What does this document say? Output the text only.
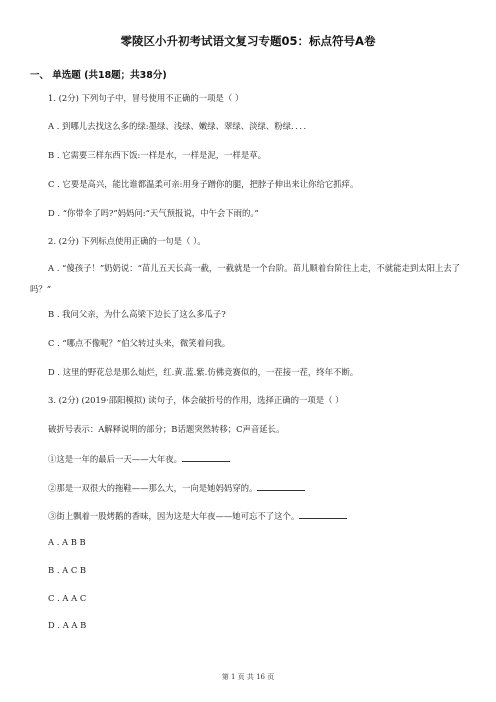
零陵区小升初考试语文复习专题05：标点符号A卷
一、 单选题 (共18题；共38分)
1. (2分) 下列句子中，冒号使用不正确的一项是（ ）
A . 到哪儿去找这么多的绿:墨绿、浅绿、嫩绿、翠绿、淡绿、粉绿．．．．
B . 它需要三样东西下饭:一样是水，一样是泥，一样是草。
C . 它要是高兴，能比谁都温柔可亲:用身子蹭你的腿，把脖子伸出来让你给它抓痒。
D . “你带伞了吗?”妈妈问:“天气预报说，中午会下雨的。”
2. (2分) 下列标点使用正确的一句是（ ）。
A . “傻孩子！”奶奶说：“苗儿五天长高一截，一截就是一个台阶。苗儿顺着台阶往上走，不就能走到太阳上去了吗？”
B . 我问父亲，为什么高梁下边长了这么多瓜子?
C . “哪点不像呢？”伯父转过头来，微笑着问我。
D . 这里的野花总是那么灿烂，红.黄.蓝.紫.仿佛竞赛似的，一茬接一茬，终年不断。
3. (2分) (2019·邵阳模拟) 读句子，体会破折号的作用，选择正确的一项是（ ）
破折号表示：A解释说明的部分；B话题突然转移；C声音延长。
①这是一年的最后一天——大年夜。
②那是一双很大的拖鞋——那么大，一向是她妈妈穿的。
③街上飘着一股烤鹅的香味，因为这是大年夜——她可忘不了这个。
A . A B B
B . A C B
C . A A C
D . A A B
第 1 页 共 16 页
